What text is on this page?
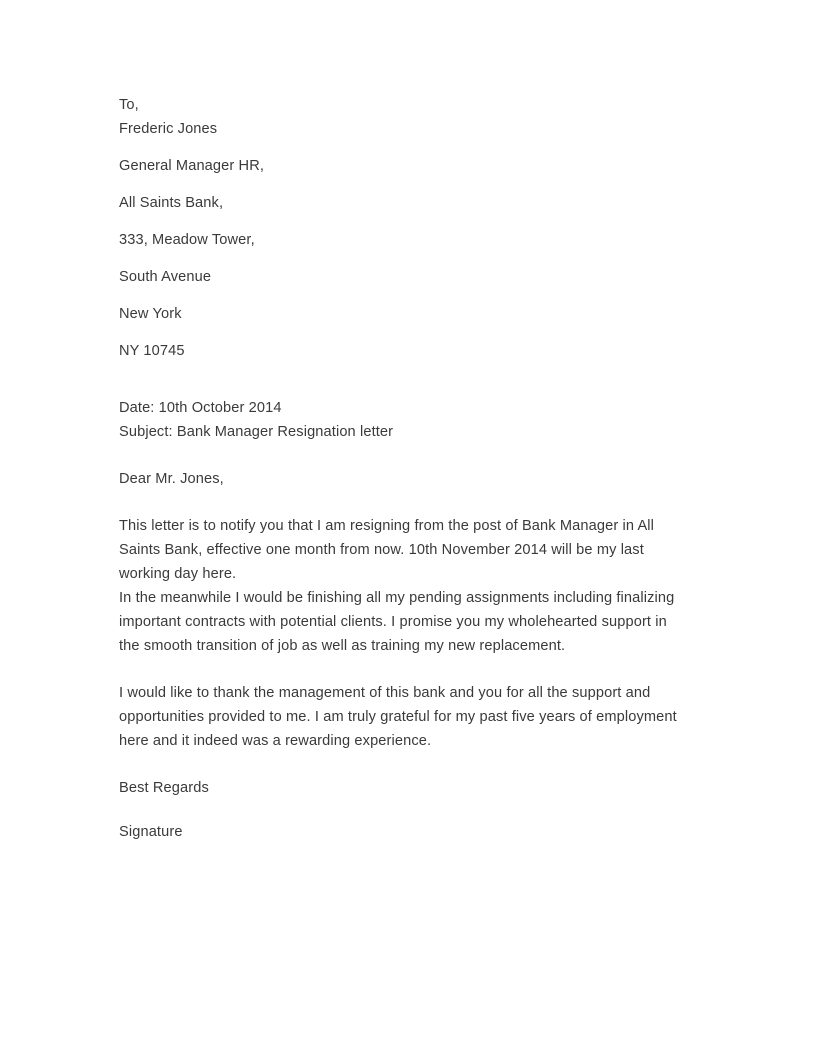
To,
Frederic Jones
General Manager HR,
All Saints Bank,
333, Meadow Tower,
South Avenue
New York
NY 10745
Date: 10th October 2014
Subject: Bank Manager Resignation letter
Dear Mr. Jones,

This letter is to notify you that I am resigning from the post of Bank Manager in All Saints Bank, effective one month from now. 10th November 2014 will be my last working day here.

In the meanwhile I would be finishing all my pending assignments including finalizing important contracts with potential clients. I promise you my wholehearted support in the smooth transition of job as well as training my new replacement.

I would like to thank the management of this bank and you for all the support and opportunities provided to me. I am truly grateful for my past five years of employment here and it indeed was a rewarding experience.

Best Regards
Signature
